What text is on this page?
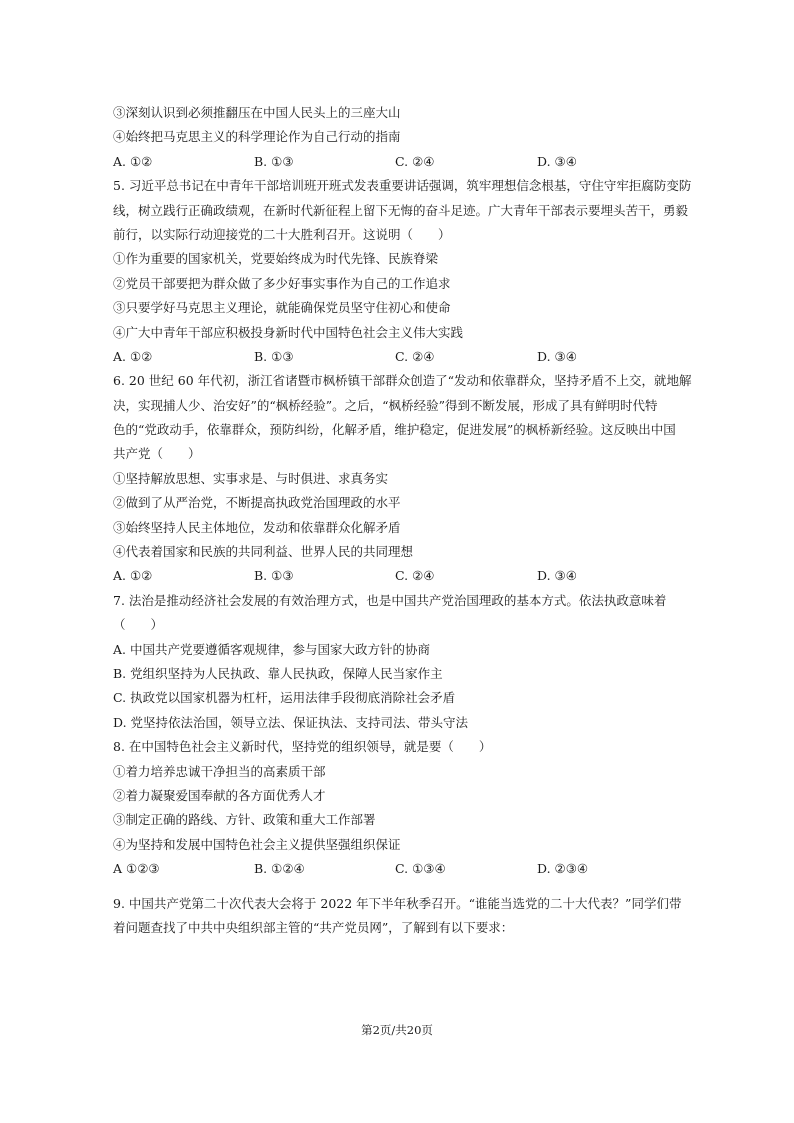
③深刻认识到必须推翻压在中国人民头上的三座大山
④始终把马克思主义的科学理论作为自己行动的指南
A. ①②	B. ①③	C. ②④	D. ③④
5. 习近平总书记在中青年干部培训班开班式发表重要讲话强调，筑牢理想信念根基，守住守牢拒腐防变防
线，树立践行正确政绩观，在新时代新征程上留下无悔的奋斗足迹。广大青年干部表示要埋头苦干，勇毅
前行，以实际行动迎接党的二十大胜利召开。这说明（　　）
①作为重要的国家机关，党要始终成为时代先锋、民族脊梁
②党员干部要把为群众做了多少好事实事作为自己的工作追求
③只要学好马克思主义理论，就能确保党员坚守住初心和使命
④广大中青年干部应积极投身新时代中国特色社会主义伟大实践
A. ①②	B. ①③	C. ②④	D. ③④
6. 20 世纪 60 年代初，浙江省诸暨市枫桥镇干部群众创造了“发动和依靠群众，坚持矛盾不上交，就地解
决，实现捕人少、治安好”的“枫桥经验”。之后，“枫桥经验”得到不断发展，形成了具有鲜明时代特
色的“党政动手，依靠群众，预防纠纷，化解矛盾，维护稳定，促进发展”的枫桥新经验。这反映出中国
共产党（　　）
①坚持解放思想、实事求是、与时俱进、求真务实
②做到了从严治党，不断提高执政党治国理政的水平
③始终坚持人民主体地位，发动和依靠群众化解矛盾
④代表着国家和民族的共同利益、世界人民的共同理想
A. ①②	B. ①③	C. ②④	D. ③④
7. 法治是推动经济社会发展的有效治理方式，也是中国共产党治国理政的基本方式。依法执政意味着
（　　）
A. 中国共产党要遵循客观规律，参与国家大政方针的协商
B. 党组织坚持为人民执政、靠人民执政，保障人民当家作主
C. 执政党以国家机器为杠杆，运用法律手段彻底消除社会矛盾
D. 党坚持依法治国，领导立法、保证执法、支持司法、带头守法
8. 在中国特色社会主义新时代，坚持党的组织领导，就是要（　　）
①着力培养忠诚干净担当的高素质干部
②着力凝聚爱国奉献的各方面优秀人才
③制定正确的路线、方针、政策和重大工作部署
④为坚持和发展中国特色社会主义提供坚强组织保证
A ①②③	B. ①②④	C. ①③④	D. ②③④
9. 中国共产党第二十次代表大会将于 2022 年下半年秋季召开。“谁能当选党的二十大代表？”同学们带
着问题查找了中共中央组织部主管的“共产党员网”，了解到有以下要求：
第2页/共20页
